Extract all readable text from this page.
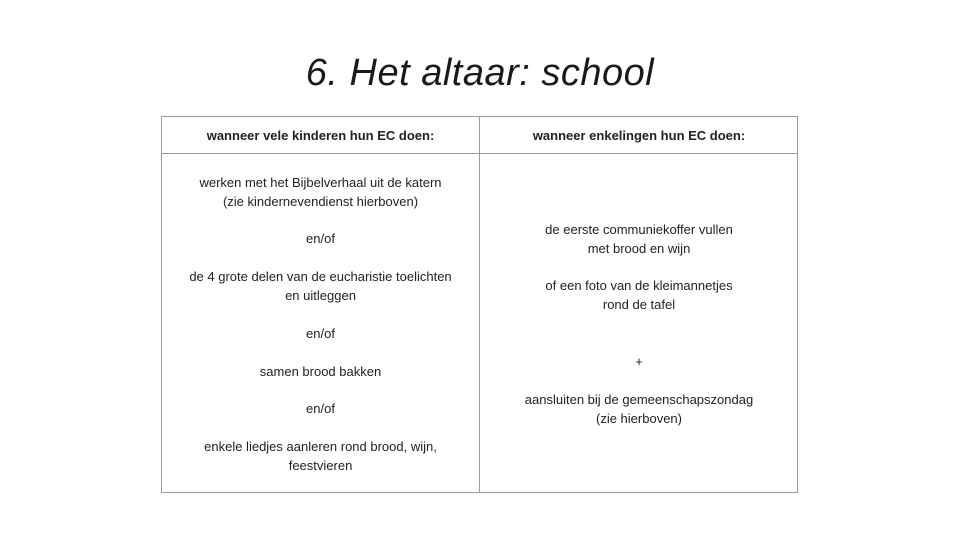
6. Het altaar: school
wanneer vele kinderen hun EC doen:	wanneer enkelingen hun EC doen:
werken met het Bijbelverhaal uit de katern
(zie kindernevendienst hierboven)
en/of
de 4 grote delen van de eucharistie toelichten
en uitleggen
en/of
samen brood bakken
en/of
enkele liedjes aanleren rond brood, wijn,
feestvieren
de eerste communiekoffer vullen
met brood en wijn
of een foto van de kleimannetjes
rond de tafel
+
aansluiten bij de gemeenschapszondag
(zie hierboven)
